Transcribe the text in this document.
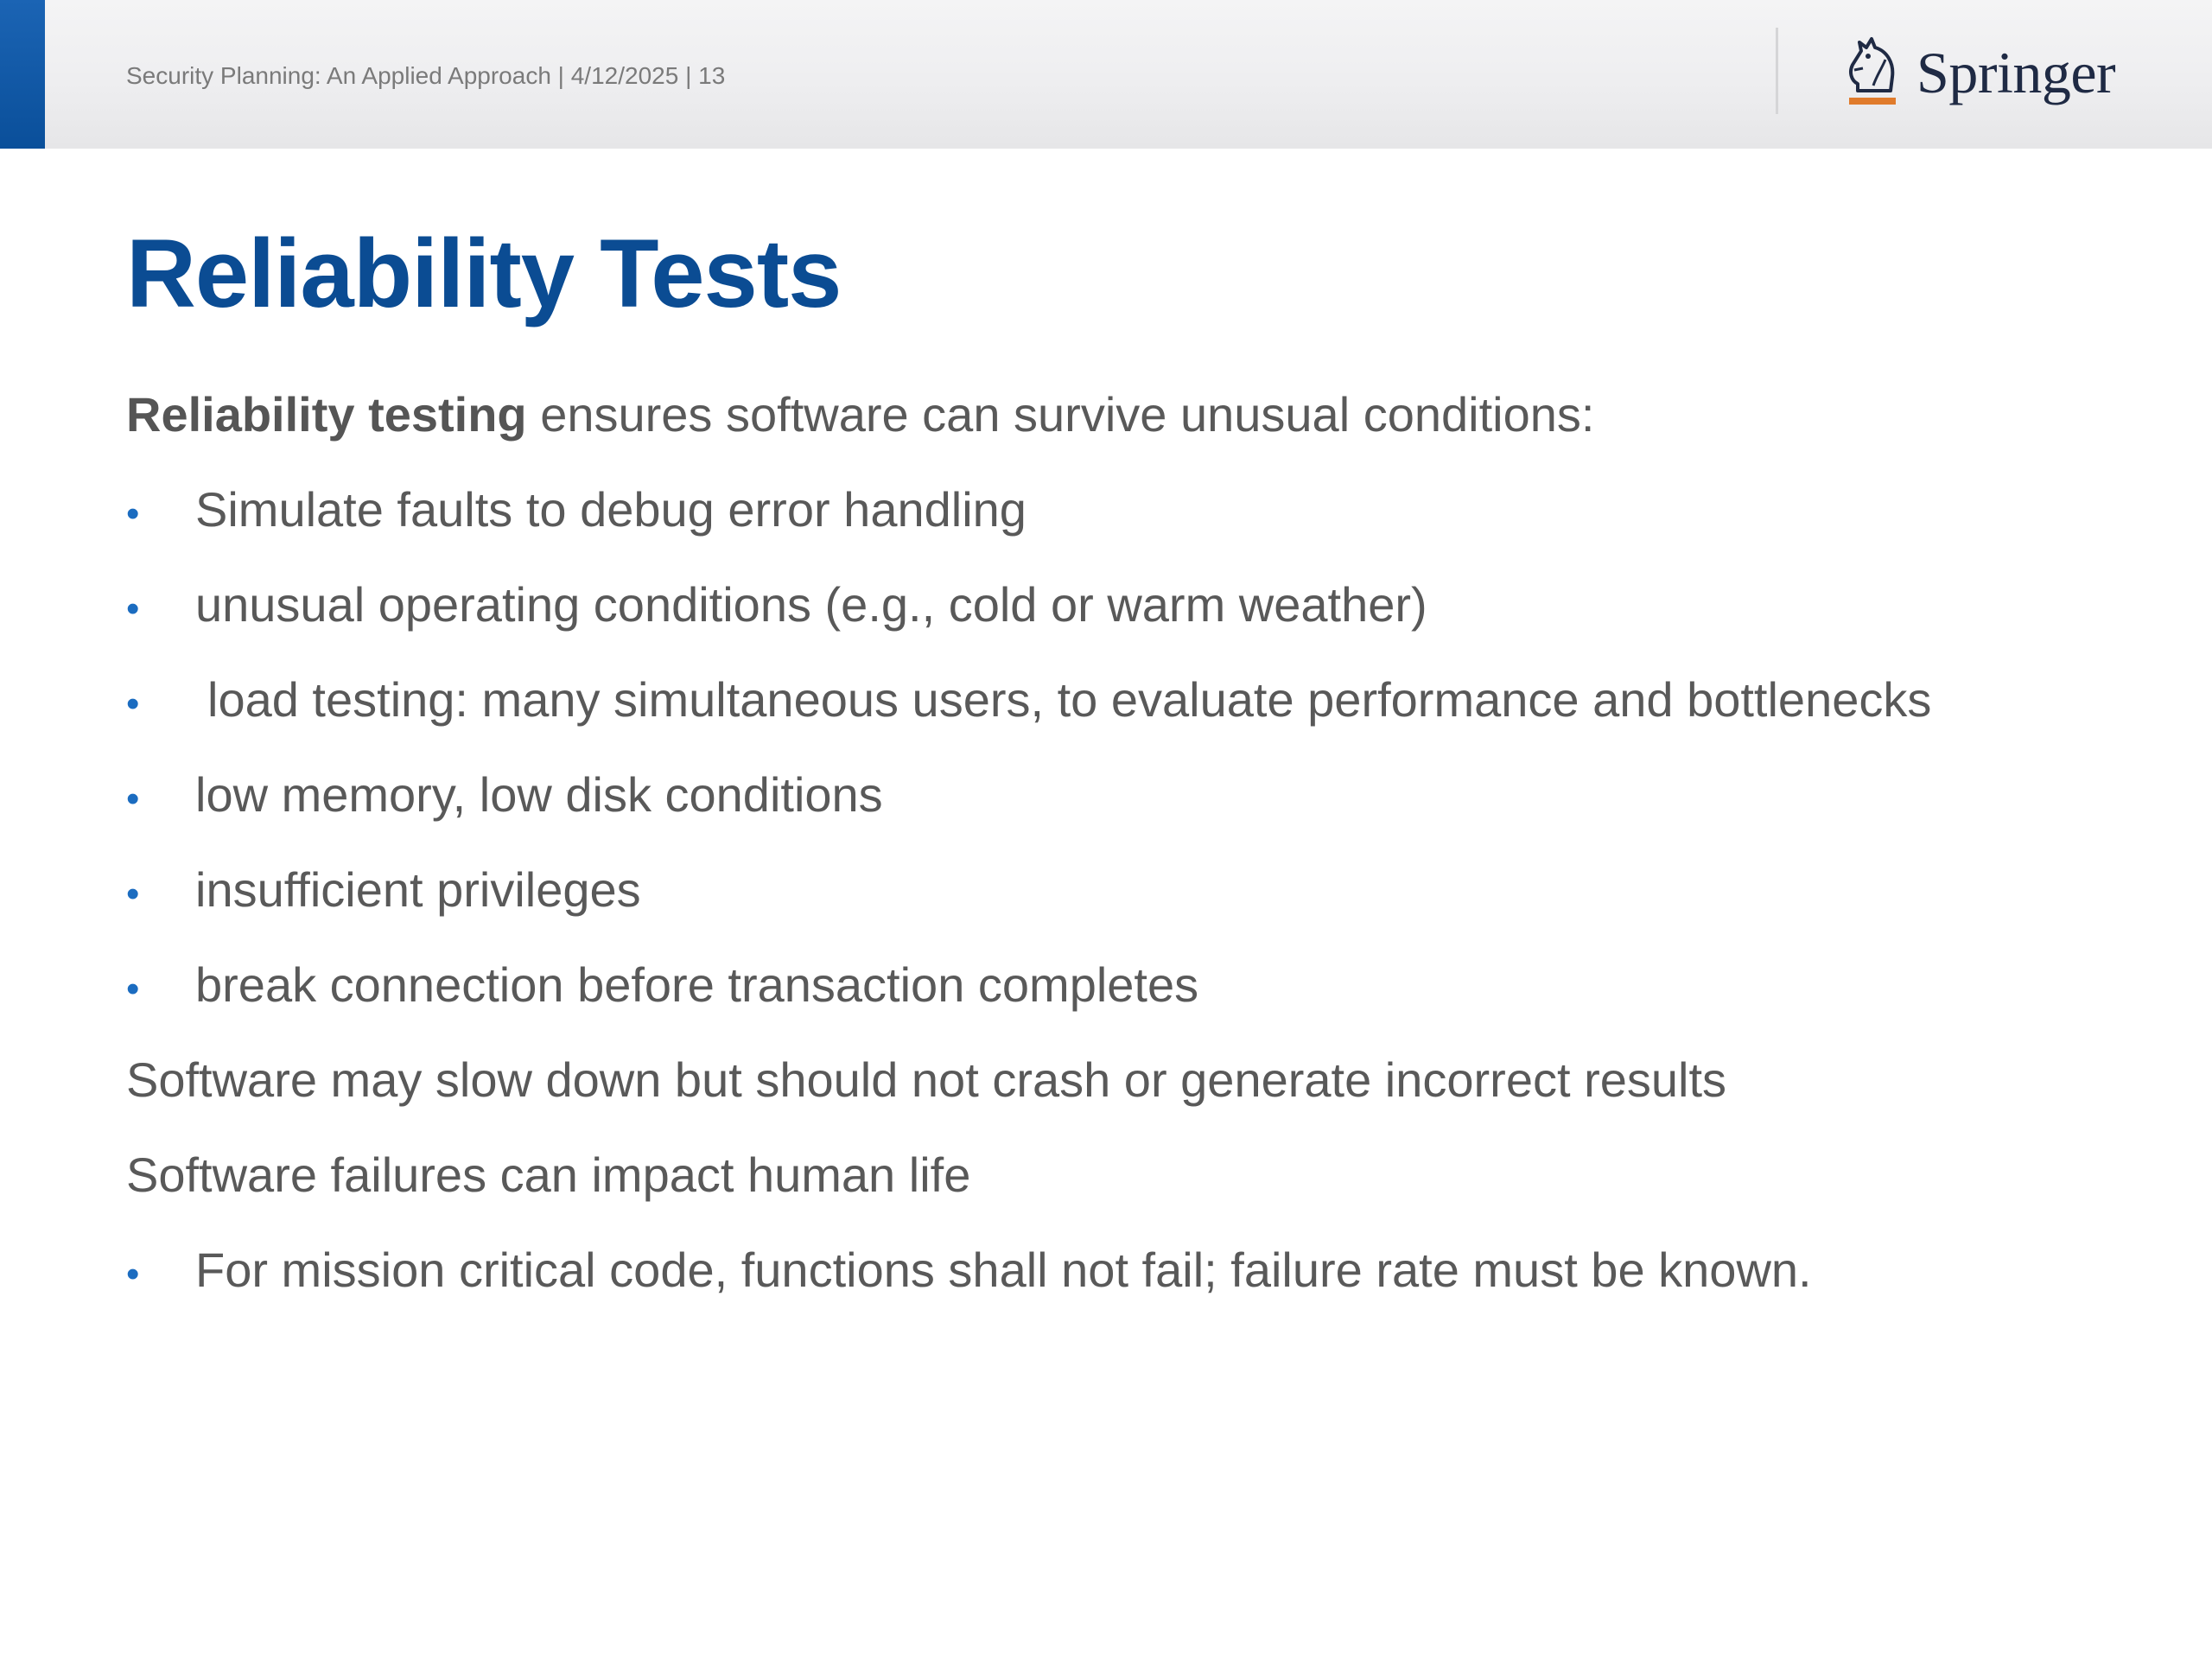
Security Planning: An Applied Approach | 4/12/2025 | 13	Springer
Reliability Tests
Reliability testing ensures software can survive unusual conditions:
•	Simulate faults to debug error handling
•	unusual operating conditions (e.g., cold or warm weather)
•	load testing: many simultaneous users, to evaluate performance and bottlenecks
•	low memory, low disk conditions
•	insufficient privileges
•	break connection before transaction completes
Software may slow down but should not crash or generate incorrect results
Software failures can impact human life
•	For mission critical code, functions shall not fail; failure rate must be known.
